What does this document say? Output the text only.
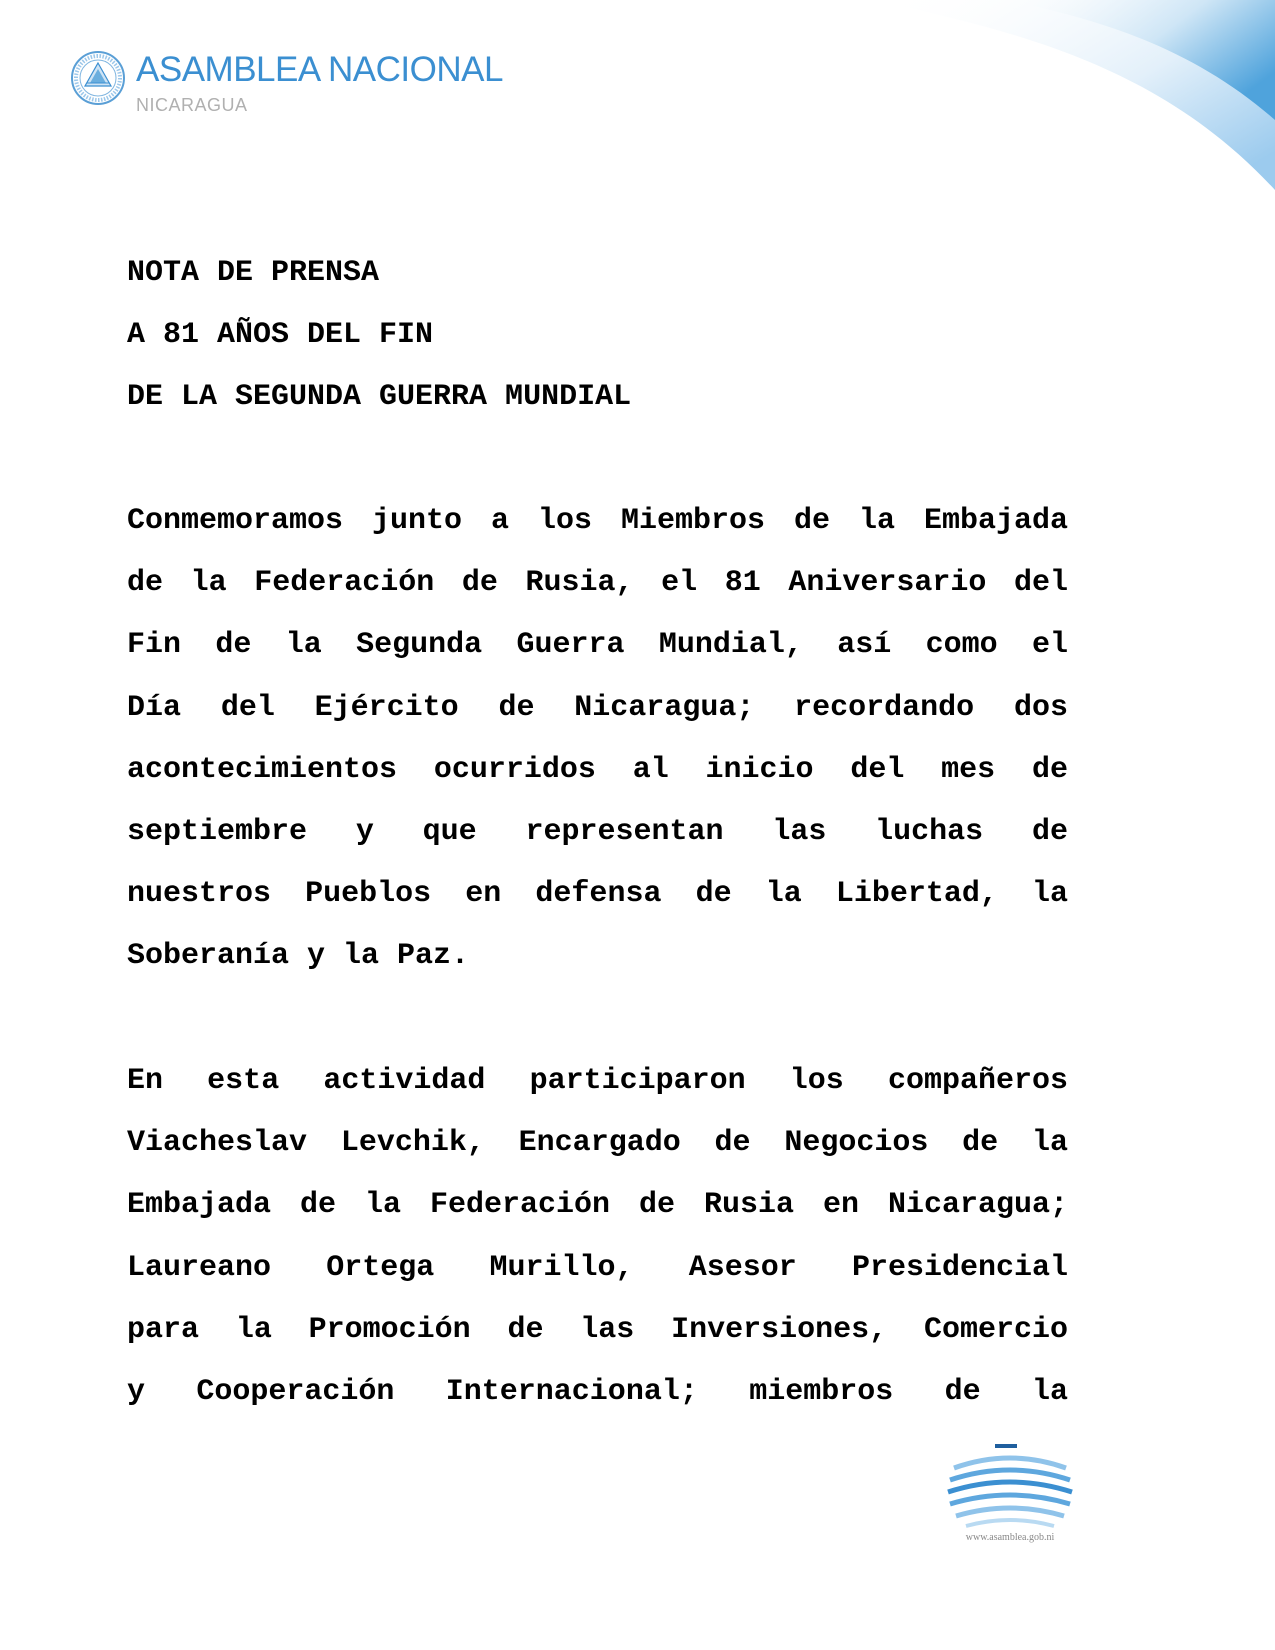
ASAMBLEA NACIONAL
NICARAGUA
NOTA DE PRENSA
A 81 AÑOS DEL FIN
DE LA SEGUNDA GUERRA MUNDIAL
Conmemoramos junto a los Miembros de la Embajada
de la Federación de Rusia, el 81 Aniversario del
Fin de la Segunda Guerra Mundial, así como el
Día del Ejército de Nicaragua; recordando dos
acontecimientos ocurridos al inicio del mes de
septiembre y que representan las luchas de
nuestros Pueblos en defensa de la Libertad, la
Soberanía y la Paz.
En esta actividad participaron los compañeros
Viacheslav Levchik, Encargado de Negocios de la
Embajada de la Federación de Rusia en Nicaragua;
Laureano Ortega Murillo, Asesor Presidencial
para la Promoción de las Inversiones, Comercio
y Cooperación Internacional; miembros de la
www.asamblea.gob.ni
